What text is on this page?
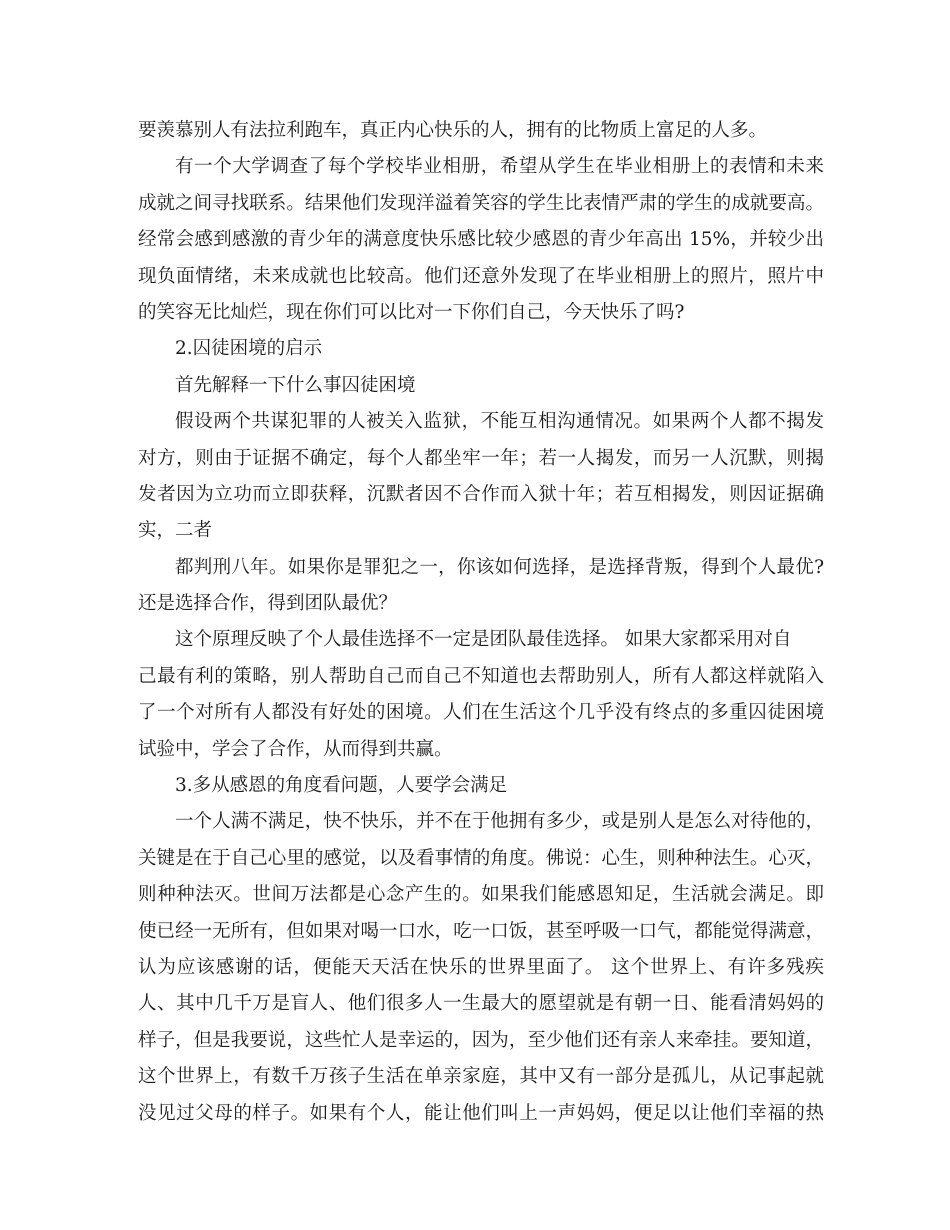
要羡慕别人有法拉利跑车，真正内心快乐的人，拥有的比物质上富足的人多。
有一个大学调查了每个学校毕业相册，希望从学生在毕业相册上的表情和未来
成就之间寻找联系。结果他们发现洋溢着笑容的学生比表情严肃的学生的成就要高。
经常会感到感激的青少年的满意度快乐感比较少感恩的青少年高出 15%，并较少出
现负面情绪，未来成就也比较高。他们还意外发现了在毕业相册上的照片，照片中
的笑容无比灿烂，现在你们可以比对一下你们自己，今天快乐了吗?
2.囚徒困境的启示
首先解释一下什么事囚徒困境
假设两个共谋犯罪的人被关入监狱，不能互相沟通情况。如果两个人都不揭发
对方，则由于证据不确定，每个人都坐牢一年；若一人揭发，而另一人沉默，则揭
发者因为立功而立即获释，沉默者因不合作而入狱十年；若互相揭发，则因证据确
实，二者
都判刑八年。如果你是罪犯之一，你该如何选择，是选择背叛，得到个人最优?
还是选择合作，得到团队最优？
这个原理反映了个人最佳选择不一定是团队最佳选择。 如果大家都采用对自
己最有利的策略，别人帮助自己而自己不知道也去帮助别人，所有人都这样就陷入
了一个对所有人都没有好处的困境。人们在生活这个几乎没有终点的多重囚徒困境
试验中，学会了合作，从而得到共赢。
3.多从感恩的角度看问题，人要学会满足
一个人满不满足，快不快乐，并不在于他拥有多少，或是别人是怎么对待他的，
关键是在于自己心里的感觉，以及看事情的角度。佛说：心生，则种种法生。心灭，
则种种法灭。世间万法都是心念产生的。如果我们能感恩知足，生活就会满足。即
使已经一无所有，但如果对喝一口水，吃一口饭，甚至呼吸一口气，都能觉得满意，
认为应该感谢的话，便能天天活在快乐的世界里面了。 这个世界上、有许多残疾
人、其中几千万是盲人、他们很多人一生最大的愿望就是有朝一日、能看清妈妈的
样子，但是我要说，这些忙人是幸运的，因为，至少他们还有亲人来牵挂。要知道，
这个世界上，有数千万孩子生活在单亲家庭，其中又有一部分是孤儿，从记事起就
没见过父母的样子。如果有个人，能让他们叫上一声妈妈，便足以让他们幸福的热
